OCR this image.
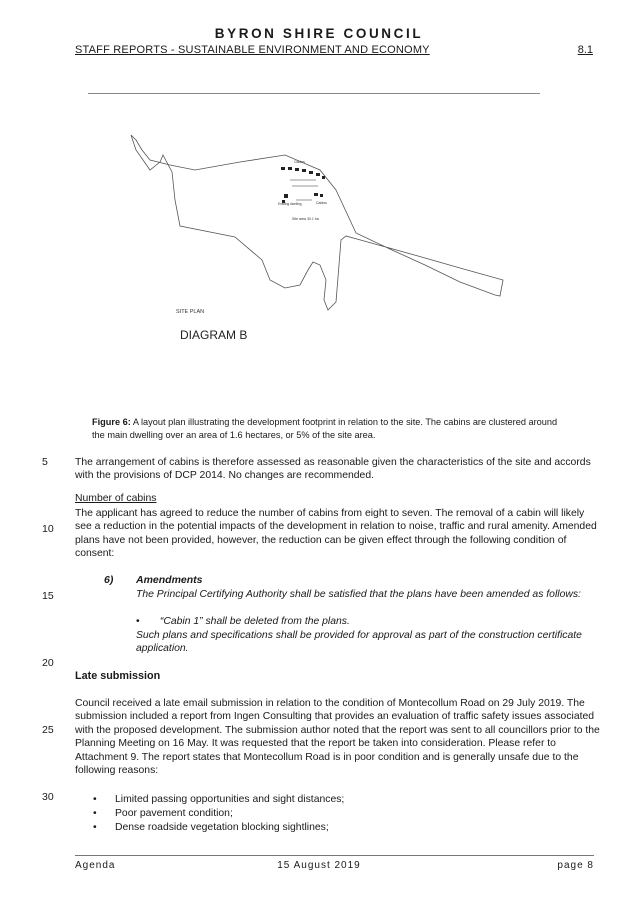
BYRON SHIRE COUNCIL
STAFF REPORTS - SUSTAINABLE ENVIRONMENT AND ECONOMY	8.1
Cabins
Existing dwelling	Cabins
Site area 30.1 ha
SITE PLAN
DIAGRAM B
Figure 6: A layout plan illustrating the development footprint in relation to the site. The cabins are clustered around the main dwelling over an area of 1.6 hectares, or 5% of the site area.
5
10
15
20
25
30
The arrangement of cabins is therefore assessed as reasonable given the characteristics of the site and accords with the provisions of DCP 2014. No changes are recommended.
Number of cabins
The applicant has agreed to reduce the number of cabins from eight to seven. The removal of a cabin will likely see a reduction in the potential impacts of the development in relation to noise, traffic and rural amenity. Amended plans have not been provided, however, the reduction can be given effect through the following condition of consent:
6) Amendments
The Principal Certifying Authority shall be satisfied that the plans have been amended as follows:
• “Cabin 1” shall be deleted from the plans.
Such plans and specifications shall be provided for approval as part of the construction certificate application.
Late submission
Council received a late email submission in relation to the condition of Montecollum Road on 29 July 2019. The submission included a report from Ingen Consulting that provides an evaluation of traffic safety issues associated with the proposed development. The submission author noted that the report was sent to all councillors prior to the Planning Meeting on 16 May. It was requested that the report be taken into consideration. Please refer to Attachment 9. The report states that Montecollum Road is in poor condition and is generally unsafe due to the following reasons:
• Limited passing opportunities and sight distances;
• Poor pavement condition;
• Dense roadside vegetation blocking sightlines;
Agenda	15 August 2019	page 8
